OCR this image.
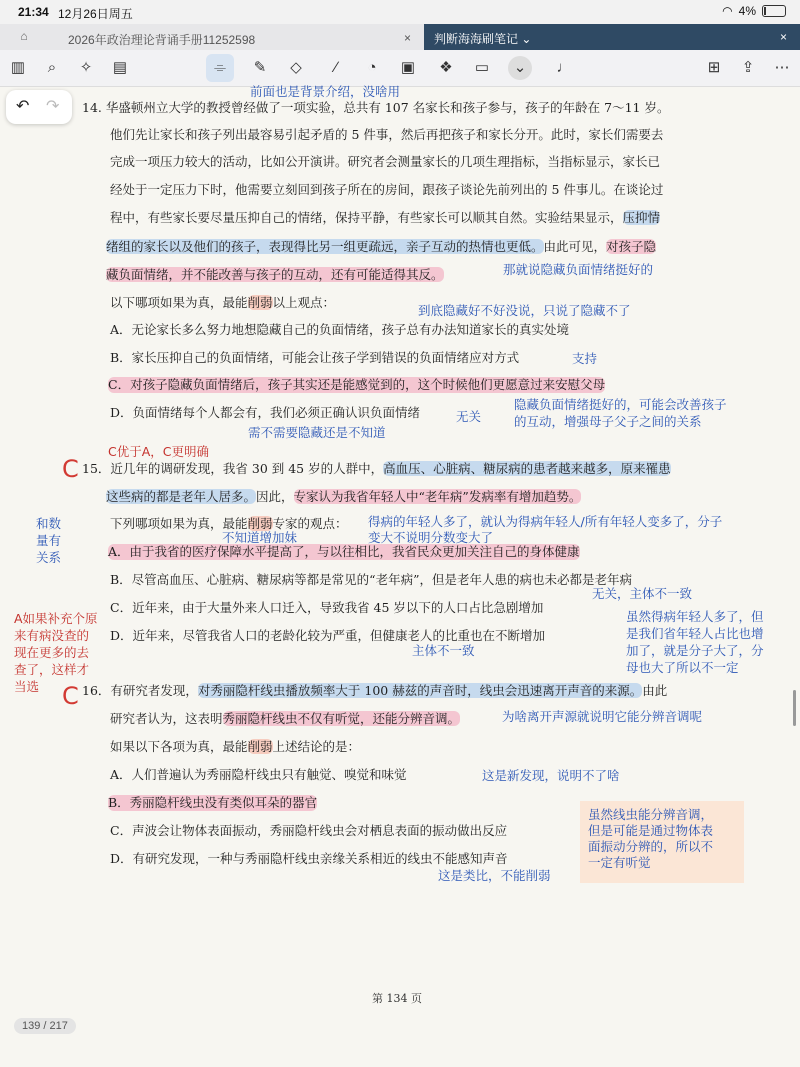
21:34 12月26日周五	◠ 4%
⌂	2026年政治理论背诵手册11252598	× 判断海海刷笔记 ⌄	×
▥	⌕	✧	▤	⌯	✎	◇	∕	◔	▣	❖	▭	⌄	♩	⊞	⇪	⋯
↶ ↷
前面也是背景介绍，没啥用
14. 华盛顿州立大学的教授曾经做了一项实验，总共有 107 名家长和孩子参与，孩子的年龄在 7～11 岁。
他们先让家长和孩子列出最容易引起矛盾的 5 件事，然后再把孩子和家长分开。此时，家长们需要去
完成一项压力较大的活动，比如公开演讲。研究者会测量家长的几项生理指标，当指标显示，家长已
经处于一定压力下时，他需要立刻回到孩子所在的房间，跟孩子谈论先前列出的 5 件事儿。在谈论过
程中，有些家长要尽量压抑自己的情绪，保持平静，有些家长可以顺其自然。实验结果显示，压抑情
绪组的家长以及他们的孩子，表现得比另一组更疏远，亲子互动的热情也更低。由此可见，对孩子隐
藏负面情绪，并不能改善与孩子的互动，还有可能适得其反。
以下哪项如果为真，最能削弱以上观点：
A．无论家长多么努力地想隐藏自己的负面情绪，孩子总有办法知道家长的真实处境
B．家长压抑自己的负面情绪，可能会让孩子学到错误的负面情绪应对方式
C．对孩子隐藏负面情绪后，孩子其实还是能感觉到的，这个时候他们更愿意过来安慰父母
D．负面情绪每个人都会有，我们必须正确认识负面情绪
15．近几年的调研发现，我省 30 到 45 岁的人群中，高血压、心脏病、糖尿病的患者越来越多，原来罹患
这些病的都是老年人居多。因此，专家认为我省年轻人中“老年病”发病率有增加趋势。
下列哪项如果为真，最能削弱专家的观点：
A．由于我省的医疗保障水平提高了，与以往相比，我省民众更加关注自己的身体健康
B．尽管高血压、心脏病、糖尿病等都是常见的“老年病”，但是老年人患的病也未必都是老年病
C．近年来，由于大量外来人口迁入，导致我省 45 岁以下的人口占比急剧增加
D．近年来，尽管我省人口的老龄化较为严重，但健康老人的比重也在不断增加
16．有研究者发现，对秀丽隐杆线虫播放频率大于 100 赫兹的声音时，线虫会迅速离开声音的来源。由此
研究者认为，这表明秀丽隐杆线虫不仅有听觉，还能分辨音调。
如果以下各项为真，最能削弱上述结论的是：
A．人们普遍认为秀丽隐杆线虫只有触觉、嗅觉和味觉
B．秀丽隐杆线虫没有类似耳朵的器官
C．声波会让物体表面振动，秀丽隐杆线虫会对栖息表面的振动做出反应
D．有研究发现，一种与秀丽隐杆线虫亲缘关系相近的线虫不能感知声音
第 134 页
那就说隐藏负面情绪挺好的
到底隐藏好不好没说，只说了隐藏不了
支持
无关
隐藏负面情绪挺好的，可能会改善孩子
的互动，增强母子父子之间的关系
需不需要隐藏还是不知道
C优于A，C更明确
C
得病的年轻人多了，就认为得病年轻人/所有年轻人变多了，分子
变大不说明分数变大了
不知道增加妹
和数
量有
关系
A如果补充个原
来有病没查的
现在更多的去
查了，这样才
当选
无关，主体不一致
主体不一致
虽然得病年轻人多了，但
是我们省年轻人占比也增
加了，就是分子大了，分
母也大了所以不一定
C
为啥离开声源就说明它能分辨音调呢
这是新发现，说明不了啥
这是类比，不能削弱
虽然线虫能分辨音调，
但是可能是通过物体表
面振动分辨的，所以不
一定有听觉
139 / 217
